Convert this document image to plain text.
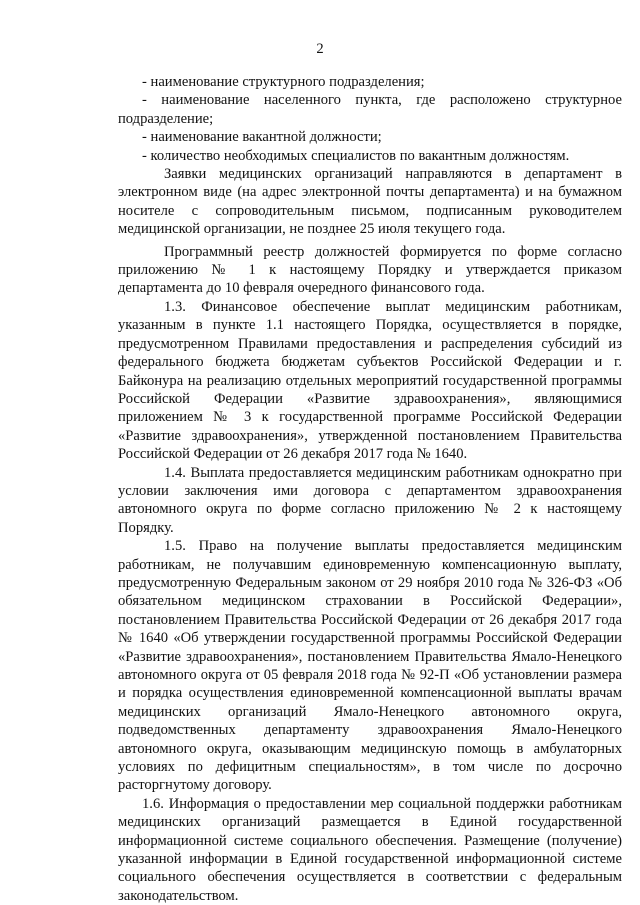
2

- наименование структурного подразделения;

- наименование населенного пункта, где расположено структурное подразделение;

- наименование вакантной должности;

- количество необходимых специалистов по вакантным должностям.

Заявки медицинских организаций направляются в департамент в электронном виде (на адрес электронной почты департамента) и на бумажном носителе с сопроводительным письмом, подписанным руководителем медицинской организации, не позднее 25 июля текущего года.

Программный реестр должностей формируется по форме согласно приложению № 1 к настоящему Порядку и утверждается приказом департамента до 10 февраля очередного финансового года.

1.3. Финансовое обеспечение выплат медицинским работникам, указанным в пункте 1.1 настоящего Порядка, осуществляется в порядке, предусмотренном Правилами предоставления и распределения субсидий из федерального бюджета бюджетам субъектов Российской Федерации и г. Байконура на реализацию отдельных мероприятий государственной программы Российской Федерации «Развитие здравоохранения», являющимися приложением № 3 к государственной программе Российской Федерации «Развитие здравоохранения», утвержденной постановлением Правительства Российской Федерации от 26 декабря 2017 года № 1640.

1.4. Выплата предоставляется медицинским работникам однократно при условии заключения ими договора с департаментом здравоохранения автономного округа по форме согласно приложению № 2 к настоящему Порядку.

1.5. Право на получение выплаты предоставляется медицинским работникам, не получавшим единовременную компенсационную выплату, предусмотренную Федеральным законом от 29 ноября 2010 года № 326-ФЗ «Об обязательном медицинском страховании в Российской Федерации», постановлением Правительства Российской Федерации от 26 декабря 2017 года № 1640 «Об утверждении государственной программы Российской Федерации «Развитие здравоохранения», постановлением Правительства Ямало-Ненецкого автономного округа от 05 февраля 2018 года № 92-П «Об установлении размера и порядка осуществления единовременной компенсационной выплаты врачам медицинских организаций Ямало-Ненецкого автономного округа, подведомственных департаменту здравоохранения Ямало-Ненецкого автономного округа, оказывающим медицинскую помощь в амбулаторных условиях по дефицитным специальностям», в том числе по досрочно расторгнутому договору.

1.6. Информация о предоставлении мер социальной поддержки работникам медицинских организаций размещается в Единой государственной информационной системе социального обеспечения. Размещение (получение) указанной информации в Единой государственной информационной системе социального обеспечения осуществляется в соответствии с федеральным законодательством.
